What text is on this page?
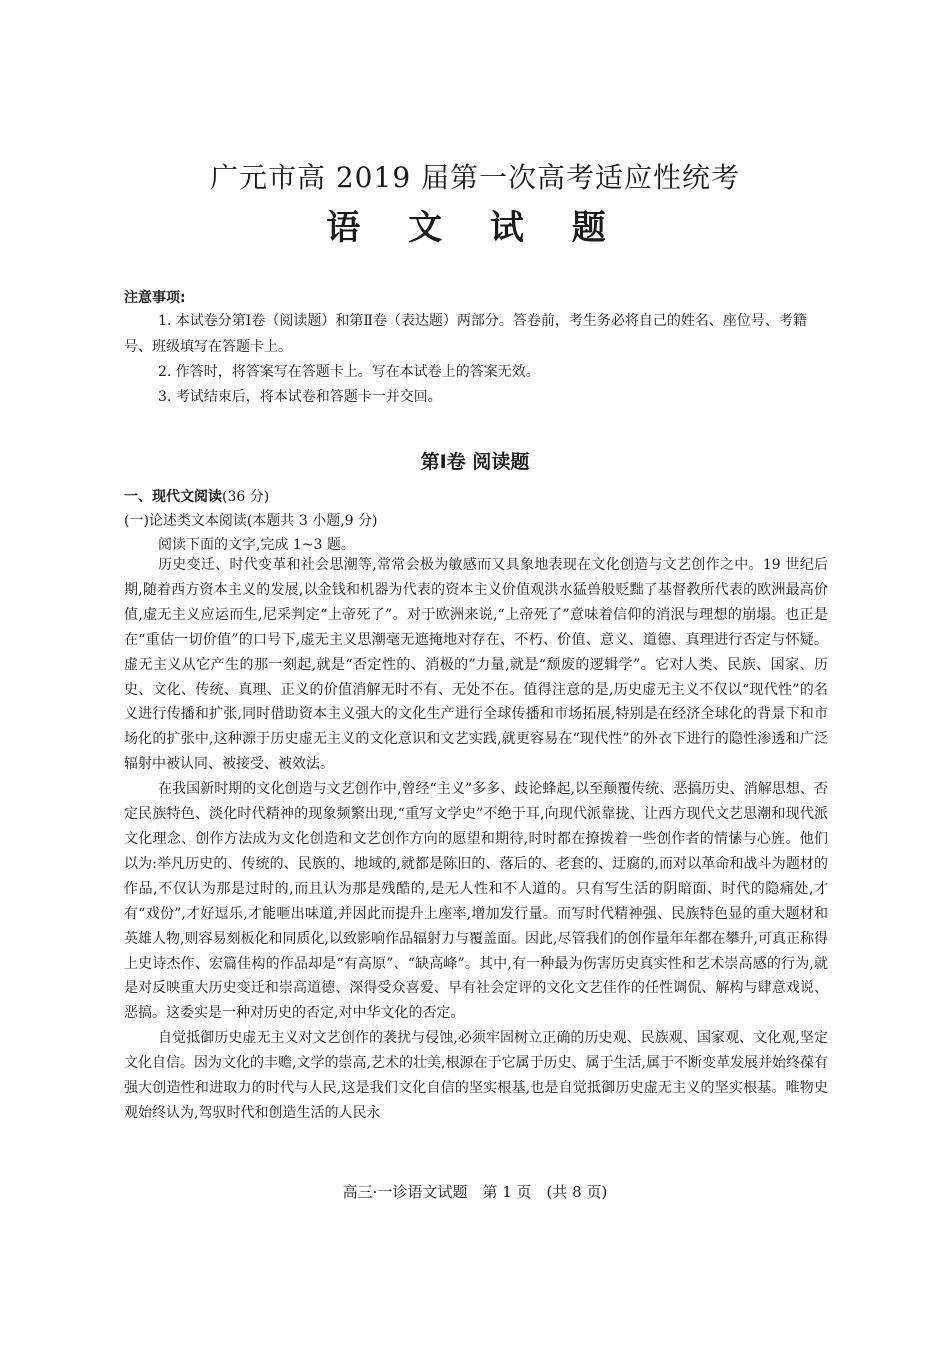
广元市高 2019 届第一次高考适应性统考
语 文 试 题
注意事项:
1. 本试卷分第Ⅰ卷（阅读题）和第Ⅱ卷（表达题）两部分。答卷前，考生务必将自己的姓名、座位号、考籍号、班级填写在答题卡上。
2. 作答时，将答案写在答题卡上。写在本试卷上的答案无效。
3. 考试结束后，将本试卷和答题卡一并交回。
第Ⅰ卷 阅读题
一、现代文阅读(36 分)
(一)论述类文本阅读(本题共 3 小题,9 分)
阅读下面的文字,完成 1~3 题。

历史变迁、时代变革和社会思潮等,常常会极为敏感而又具象地表现在文化创造与文艺创作之中。19 世纪后期,随着西方资本主义的发展,以金钱和机器为代表的资本主义价值观洪水猛兽般贬黜了基督教所代表的欧洲最高价值,虚无主义应运而生,尼采判定“上帝死了”。对于欧洲来说,“上帝死了”意味着信仰的消泯与理想的崩塌。也正是在“重估一切价值”的口号下,虚无主义思潮毫无遮掩地对存在、不朽、价值、意义、道德、真理进行否定与怀疑。虚无主义从它产生的那一刻起,就是“否定性的、消极的”力量,就是“颓废的逻辑学”。它对人类、民族、国家、历史、文化、传统、真理、正义的价值消解无时不有、无处不在。值得注意的是,历史虚无主义不仅以“现代性”的名义进行传播和扩张,同时借助资本主义强大的文化生产进行全球传播和市场拓展,特别是在经济全球化的背景下和市场化的扩张中,这种源于历史虚无主义的文化意识和文艺实践,就更容易在“现代性”的外衣下进行的隐性渗透和广泛辐射中被认同、被接受、被效法。

在我国新时期的文化创造与文艺创作中,曾经“主义”多多、歧论蜂起,以至颠覆传统、恶搞历史、消解思想、否定民族特色、淡化时代精神的现象频繁出现,“重写文学史”不绝于耳,向现代派靠拢、让西方现代文艺思潮和现代派文化理念、创作方法成为文化创造和文艺创作方向的愿望和期待,时时都在撩拨着一些创作者的情愫与心旌。他们以为:举凡历史的、传统的、民族的、地域的,就都是陈旧的、落后的、老套的、迂腐的,而对以革命和战斗为题材的作品,不仅认为那是过时的,而且认为那是残酷的,是无人性和不人道的。只有写生活的阴暗面、时代的隐痛处,才有“戏份”,才好逗乐,才能咂出味道,并因此而提升上座率,增加发行量。而写时代精神强、民族特色显的重大题材和英雄人物,则容易刻板化和同质化,以致影响作品辐射力与覆盖面。因此,尽管我们的创作量年年都在攀升,可真正称得上史诗杰作、宏篇佳构的作品却是“有高原”、“缺高峰”。其中,有一种最为伤害历史真实性和艺术崇高感的行为,就是对反映重大历史变迁和崇高道德、深得受众喜爱、早有社会定评的文化文艺佳作的任性调侃、解构与肆意戏说、恶搞。这委实是一种对历史的否定,对中华文化的否定。

自觉抵御历史虚无主义对文艺创作的袭扰与侵蚀,必须牢固树立正确的历史观、民族观、国家观、文化观,坚定文化自信。因为文化的丰赡,文学的崇高,艺术的壮美,根源在于它属于历史、属于生活,属于不断变革发展并始终葆有强大创造性和进取力的时代与人民,这是我们文化自信的坚实根基,也是自觉抵御历史虚无主义的坚实根基。唯物史观始终认为,驾驭时代和创造生活的人民永

高三·一诊语文试题　第 1 页　(共 8 页)
